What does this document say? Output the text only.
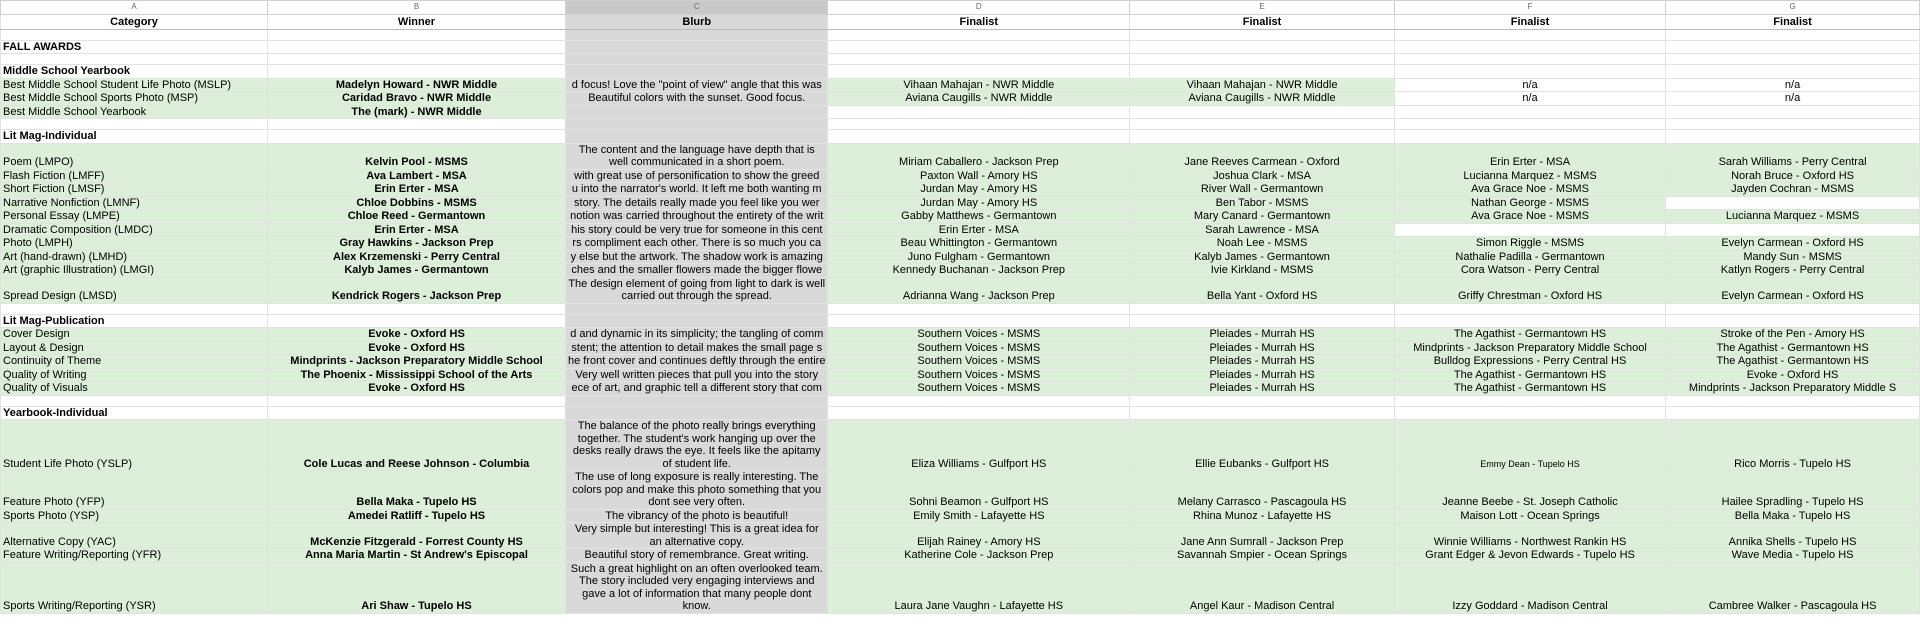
A	B	C	D	E	F	G
Category	Winner	Blurb	Finalist	Finalist	Finalist	Finalist

FALL AWARDS						

Middle School Yearbook						
Best Middle School Student Life Photo (MSLP)	Madelyn Howard - NWR Middle	d focus! Love the "point of view" angle that this was	Vihaan Mahajan - NWR Middle	Vihaan Mahajan - NWR Middle	n/a	n/a
Best Middle School Sports Photo (MSP)	Caridad Bravo - NWR Middle	Beautiful colors with the sunset. Good focus.	Aviana Caugills - NWR Middle	Aviana Caugills - NWR Middle	n/a	n/a
Best Middle School Yearbook	The (mark) - NWR Middle					

Lit Mag-Individual						
Poem (LMPO)	Kelvin Pool - MSMS	The content and the language have depth that is well communicated in a short poem.	Miriam Caballero - Jackson Prep	Jane Reeves Carmean - Oxford	Erin Erter - MSA	Sarah Williams - Perry Central
Flash Fiction (LMFF)	Ava Lambert - MSA	with great use of personification to show the greed	Paxton Wall - Amory HS	Joshua Clark - MSA	Lucianna Marquez - MSMS	Norah Bruce - Oxford HS
Short Fiction (LMSF)	Erin Erter - MSA	u into the narrator's world. It left me both wanting m	Jurdan May - Amory HS	River Wall - Germantown	Ava Grace Noe - MSMS	Jayden Cochran - MSMS
Narrative Nonfiction (LMNF)	Chloe Dobbins - MSMS	story. The details really made you feel like you wer	Jurdan May - Amory HS	Ben Tabor - MSMS	Nathan George - MSMS	
Personal Essay (LMPE)	Chloe Reed - Germantown	notion was carried throughout the entirety of the writ	Gabby Matthews - Germantown	Mary Canard - Germantown	Ava Grace Noe - MSMS	Lucianna Marquez - MSMS
Dramatic Composition (LMDC)	Erin Erter - MSA	his story could be very true for someone in this cent	Erin Erter - MSA	Sarah Lawrence - MSA		
Photo (LMPH)	Gray Hawkins - Jackson Prep	rs compliment each other. There is so much you ca	Beau Whittington - Germantown	Noah Lee - MSMS	Simon Riggle - MSMS	Evelyn Carmean - Oxford HS
Art (hand-drawn) (LMHD)	Alex Krzemenski - Perry Central	y else but the artwork. The shadow work is amazing	Juno Fulgham - Germantown	Kalyb James - Germantown	Nathalie Padilla - Germantown	Mandy Sun - MSMS
Art (graphic Illustration) (LMGI)	Kalyb James - Germantown	ches and the smaller flowers made the bigger flowe	Kennedy Buchanan - Jackson Prep	Ivie Kirkland - MSMS	Cora Watson - Perry Central	Katlyn Rogers - Perry Central
Spread Design (LMSD)	Kendrick Rogers - Jackson Prep	The design element of going from light to dark is well carried out through the spread.	Adrianna Wang - Jackson Prep	Bella Yant - Oxford HS	Griffy Chrestman - Oxford HS	Evelyn Carmean - Oxford HS

Lit Mag-Publication						
Cover Design	Evoke - Oxford HS	d and dynamic in its simplicity; the tangling of comm	Southern Voices - MSMS	Pleiades - Murrah HS	The Agathist - Germantown HS	Stroke of the Pen - Amory HS
Layout & Design	Evoke - Oxford HS	stent; the attention to detail makes the small page s	Southern Voices - MSMS	Pleiades - Murrah HS	Mindprints - Jackson Preparatory Middle School	The Agathist - Germantown HS
Continuity of Theme	Mindprints - Jackson Preparatory Middle School	he front cover and continues deftly through the entire	Southern Voices - MSMS	Pleiades - Murrah HS	Bulldog Expressions - Perry Central HS	The Agathist - Germantown HS
Quality of Writing	The Phoenix - Mississippi School of the Arts	Very well written pieces that pull you into the story	Southern Voices - MSMS	Pleiades - Murrah HS	The Agathist - Germantown HS	Evoke - Oxford HS
Quality of Visuals	Evoke - Oxford HS	ece of art, and graphic tell a different story that com	Southern Voices - MSMS	Pleiades - Murrah HS	The Agathist - Germantown HS	Mindprints - Jackson Preparatory Middle S

Yearbook-Individual						
Student Life Photo (YSLP)	Cole Lucas and Reese Johnson - Columbia	The balance of the photo really brings everything together. The student's work hanging up over the desks really draws the eye. It feels like the apitamy of student life.	Eliza Williams - Gulfport HS	Ellie Eubanks - Gulfport HS	Emmy Dean - Tupelo HS	Rico Morris - Tupelo HS
Feature Photo (YFP)	Bella Maka - Tupelo HS	The use of long exposure is really interesting. The colors pop and make this photo something that you dont see very often.	Sohni Beamon - Gulfport HS	Melany Carrasco - Pascagoula HS	Jeanne Beebe - St. Joseph Catholic	Hailee Spradling - Tupelo HS
Sports Photo (YSP)	Amedei Ratliff - Tupelo HS	The vibrancy of the photo is beautiful!	Emily Smith - Lafayette HS	Rhina Munoz - Lafayette HS	Maison Lott - Ocean Springs	Bella Maka - Tupelo HS
Alternative Copy (YAC)	McKenzie Fitzgerald - Forrest County HS	Very simple but interesting! This is a great idea for an alternative copy.	Elijah Rainey - Amory HS	Jane Ann Sumrall - Jackson Prep	Winnie Williams - Northwest Rankin HS	Annika Shells - Tupelo HS
Feature Writing/Reporting (YFR)	Anna Maria Martin - St Andrew's Episcopal	Beautiful story of remembrance. Great writing.	Katherine Cole - Jackson Prep	Savannah Smpier - Ocean Springs	Grant Edger & Jevon Edwards - Tupelo HS	Wave Media - Tupelo HS
Sports Writing/Reporting (YSR)	Ari Shaw - Tupelo HS	Such a great highlight on an often overlooked team. The story included very engaging interviews and gave a lot of information that many people dont know.	Laura Jane Vaughn - Lafayette HS	Angel Kaur - Madison Central	Izzy Goddard - Madison Central	Cambree Walker - Pascagoula HS
